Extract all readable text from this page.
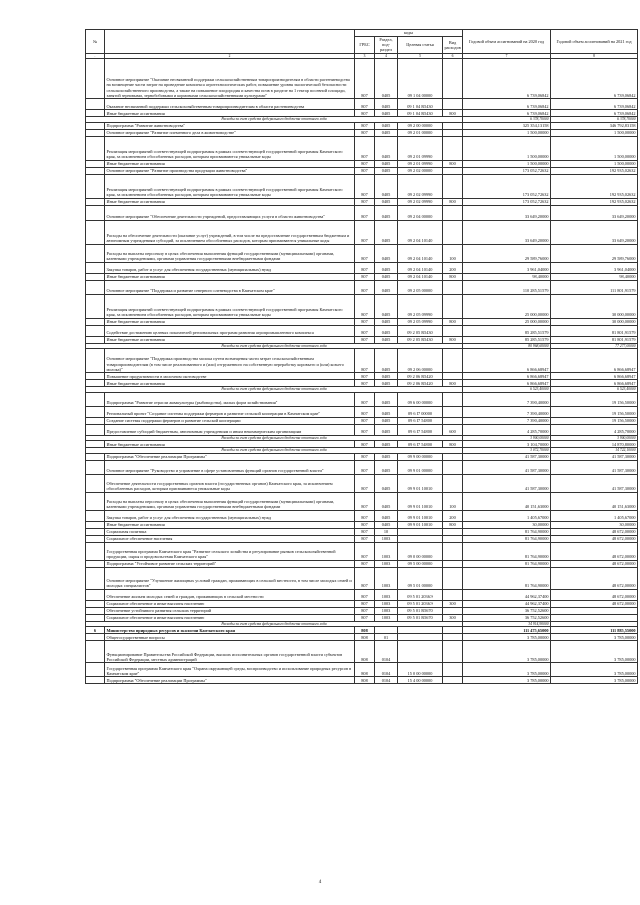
№		коды				Годовой объем ассигнований на 2020 год	Годовой объем ассигнований на 2021 год
		ГРБС	Раздел, под-раздел	Целевая статья	Вид расходов		
.	2	3	4	5	6	7	8
	Основное мероприятие "Оказание несвязанной поддержки сельскохозяйственным товаропроизводителям в области растениеводства на возмещение части затрат на проведение комплекса агротехнологических работ, повышение уровня экологической безопасности сельскохозяйственного производства, а также на повышение плодородия и качества почв в разделе на 1 гектар посевной площади, занятой зерновыми, зернобобовыми и кормовыми сельскохозяйственными культурами"	807	0405	09 1 04 00000		6 739,06842	6 739,06842
	Оказание несвязанной поддержки сельскохозяйственным товаропроизводителям в области растениеводства	807	0405	09 1 04 R5430		6 739,06842	6 739,06842
	Иные бюджетные ассигнования	807	0405	09 1 04 R5430	800	6 739,06842	6 739,06842
Расходы за счет средств федерального бюджета отчетного года						6 378,70000	6 378,70000
	Подпрограмма "Развитие животноводства"	807	0405	09 2 00 00000		325 354,13158	346 792,83158
	Основное мероприятие "Развитие племенного дела в животноводстве"	807	0405	09 2 01 00000		1 500,00000	1 500,00000
	Реализация мероприятий соответствующей подпрограммы в рамках соответствующей государственной программы Камчатского края, за исключением обособленных расходов, которым присваиваются уникальные коды	807	0405	09 2 01 09990		1 500,00000	1 500,00000
	Иные бюджетные ассигнования	807	0405	09 2 01 09990	800	1 500,00000	1 500,00000
	Основное мероприятие "Развитие производства продукции животноводства"	807	0405	09 2 02 00000		173 052,72632	192 935,02632
	Реализация мероприятий соответствующей подпрограммы в рамках соответствующей государственной программы Камчатского края, за исключением обособленных расходов, которым присваиваются уникальные коды	807	0405	09 2 02 09990		173 052,72632	192 935,02632
	Иные бюджетные ассигнования	807	0405	09 2 02 09990	800	173 052,72632	192 935,02632
	Основное мероприятие "Обеспечение деятельности учреждений, предоставляющих услуги в области животноводства"	807	0405	09 2 04 00000		33 649,20000	33 649,20000
	Расходы на обеспечение деятельности (оказание услуг) учреждений, в том числе на предоставление государственным бюджетным и автономным учреждениям субсидий, за исключением обособленных расходов, которым присваиваются уникальные коды	807	0405	09 2 04 10140		33 649,20000	33 649,20000
	Расходы на выплаты персоналу в целях обеспечения выполнения функций государственными (муниципальными) органами, казенными учреждениями, органами управления государственными внебюджетными фондами	807	0405	09 2 04 10140	100	29 589,76000	29 589,76000
	Закупка товаров, работ и услуг для обеспечения государственных (муниципальных) нужд	807	0405	09 2 04 10140	200	3 961,04000	3 961,04000
	Иные бюджетные ассигнования	807	0405	09 2 04 10140	800	98,40000	98,40000
	Основное мероприятие "Поддержка и развитие северного оленеводства в Камчатском крае"	807	0405	09 2 05 00000		110 285,51579	111 801,91579
	Реализация мероприятий соответствующей подпрограммы в рамках соответствующей государственной программы Камчатского края, за исключением обособленных расходов, которым присваиваются уникальные коды	807	0405	09 2 05 09990		25 000,00000	30 000,00000
	Иные бюджетные ассигнования	807	0405	09 2 05 09990	800	25 000,00000	30 000,00000
	Содействие достижению целевых показателей региональных программ развития агропромышленного комплекса	807	0405	09 2 05 R5430		85 285,51579	81 801,91579
	Иные бюджетные ассигнования	807	0405	09 2 05 R5430	800	85 285,51579	81 801,91579
Расходы за счет средств федерального бюджета отчетного года						80 968,60000	77 277,00000
	Основное мероприятие "Поддержка производства молока путем возмещения части затрат сельскохозяйственным товаропроизводителям (в том числе реализованного и (или) отгруженного на собственную переработку коровьего и (или) козьего молока)"	807	0405	09 2 06 00000		6 866,68947	6 866,68947
	Повышение продуктивности в молочном скотоводстве	807	0405	09 2 06 R5420		6 866,68947	6 866,68947
	Иные бюджетные ассигнования	807	0405	09 2 06 R5420	800	6 866,68947	6 866,68947
Расходы за счет средств федерального бюджета отчетного года						6 523,40000	6 523,40000
	Подпрограмма "Развитие отрасли аквакультуры (рыбоводства), малых форм хозяйствования"	807	0405	09 6 00 00000		7 390,40000	19 156,50000
	Региональный проект "Создание системы поддержки фермеров и развитие сельской кооперации в Камчатском крае"	807	0405	09 6 I7 00000		7 390,40000	19 156,50000
	Создание системы поддержки фермеров и развитие сельской кооперации	807	0405	09 6 I7 54800		7 390,40000	19 156,50000
	Предоставление субсидий бюджетным, автономным учреждениям и иным некоммерческим организациям	807	0405	09 6 I7 54800	600	4 285,70000	4 285,70000
Расходы за счет средств федерального бюджета отчетного года						3 900,00000	3 900,00000
	Иные бюджетные ассигнования	807	0405	09 6 I7 54800	800	3 104,70000	14 870,80000
Расходы за счет средств федерального бюджета отчетного года						3 072,70000	14 722,10000
	Подпрограмма "Обеспечение реализации Программы"	807	0405	09 9 00 00000		41 587,30000	41 587,30000
	Основное мероприятие "Руководство и управление в сфере установленных функций органов государственной власти"	807	0405	09 9 01 00000		41 587,30000	41 587,30000
	Обеспечение деятельности государственных органов власти (государственных органов) Камчатского края, за исключением обособленных расходов, которым присваиваются уникальные коды	807	0405	09 9 01 10010		41 587,30000	41 587,30000
	Расходы на выплаты персоналу в целях обеспечения выполнения функций государственными (муниципальными) органами, казенными учреждениями, органами управления государственными внебюджетными фондами	807	0405	09 9 01 10010	100	40 151,63000	40 151,63000
	Закупка товаров, работ и услуг для обеспечения государственных (муниципальных) нужд	807	0405	09 9 01 10010	200	1 405,67000	1 405,67000
	Иные бюджетные ассигнования	807	0405	09 9 01 10010	800	30,00000	30,00000
	Социальная политика	807	10			81 764,90000	48 672,00000
	Социальное обеспечение населения	807	1003			81 764,90000	48 672,00000
	Государственная программа Камчатского края "Развитие сельского хозяйства и регулирование рынков сельскохозяйственной продукции, сырья и продовольствия Камчатского края"	807	1003	09 0 00 00000		81 764,90000	48 672,00000
	Подпрограмма "Устойчивое развитие сельских территорий"	807	1003	09 5 00 00000		81 764,90000	48 672,00000
	Основное мероприятие "Улучшение жилищных условий граждан, проживающих в сельской местности, в том числе молодых семей и молодых специалистов"	807	1003	09 5 01 00000		81 764,90000	48 672,00000
	Обеспечение жильем молодых семей и граждан, проживающих в сельской местности	807	1003	09 5 01 2036Э		44 962,37400	48 672,00000
	Социальное обеспечение и иные выплаты населению	807	1003	09 5 01 2036Э	300	44 962,37400	48 672,00000
	Обеспечение устойчивого развития сельских территорий	807	1003	09 5 01 R5670		36 752,52600	
	Социальное обеспечение и иные выплаты населению	807	1003	09 5 01 R5670	300	36 752,52600	
Расходы за счет средств федерального бюджета отчетного года						34 914,90000	
6	Министерство природных ресурсов и экологии Камчатского края	808				111 475,65000	111 885,55000
	Общегосударственные вопросы	808	01			3 785,00000	3 785,00000
	Функционирование Правительства Российской Федерации, высших исполнительных органов государственной власти субъектов Российской Федерации, местных администраций	808	0104			3 785,00000	3 785,00000
	Государственная программа Камчатского края "Охрана окружающей среды, воспроизводство и использование природных ресурсов в Камчатском крае"	808	0104	15 0 00 00000		3 785,00000	3 785,00000
	Подпрограмма "Обеспечение реализации Программы"	808	0104	15 4 00 00000		3 785,00000	3 785,00000
4
